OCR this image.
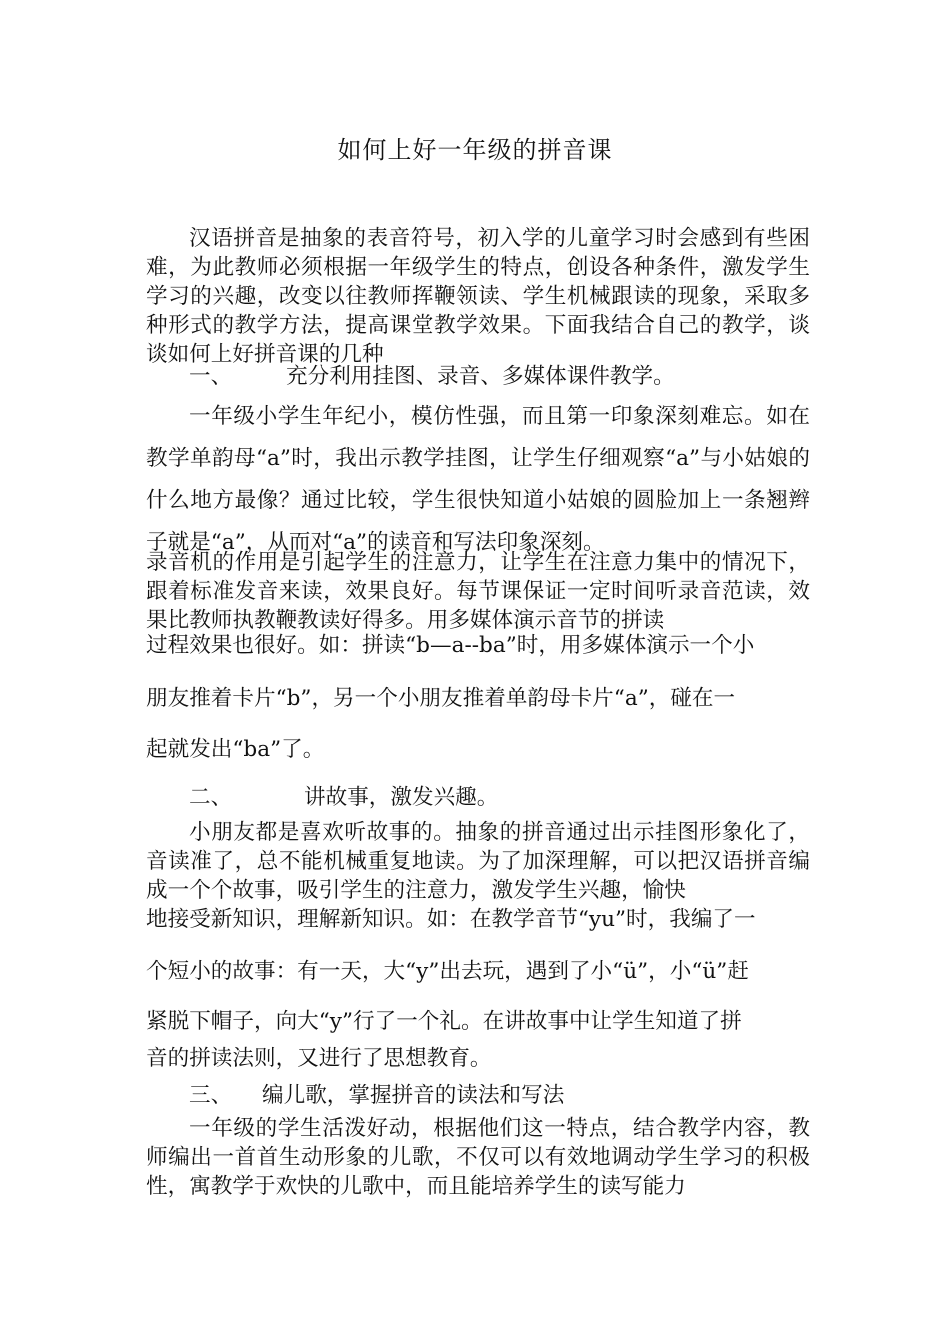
如何上好一年级的拼音课

汉语拼音是抽象的表音符号，初入学的儿童学习时会感到有些困难，为此教师必须根据一年级学生的特点，创设各种条件，激发学生学习的兴趣，改变以往教师挥鞭领读、学生机械跟读的现象，采取多种形式的教学方法，提高课堂教学效果。下面我结合自己的教学，谈谈如何上好拼音课的几种

一、 充分利用挂图、录音、多媒体课件教学。

一年级小学生年纪小，模仿性强，而且第一印象深刻难忘。如在教学单韵母“a”时，我出示教学挂图，让学生仔细观察“a”与小姑娘的什么地方最像？通过比较，学生很快知道小姑娘的圆脸加上一条翘辫子就是“a”，从而对“a”的读音和写法印象深刻。

录音机的作用是引起学生的注意力，让学生在注意力集中的情况下，跟着标准发音来读，效果良好。每节课保证一定时间听录音范读，效果比教师执教鞭教读好得多。用多媒体演示音节的拼读

过程效果也很好。如：拼读“b—a--ba”时，用多媒体演示一个小

朋友推着卡片“b”，另一个小朋友推着单韵母卡片“a”，碰在一

起就发出“ba”了。

二、	讲故事，激发兴趣。

小朋友都是喜欢听故事的。抽象的拼音通过出示挂图形象化了，音读准了，总不能机械重复地读。为了加深理解，可以把汉语拼音编成一个个故事，吸引学生的注意力，激发学生兴趣，愉快

地接受新知识，理解新知识。如：在教学音节“yu”时，我编了一

个短小的故事：有一天，大“y”出去玩，遇到了小“ü”，小“ü”赶

紧脱下帽子，向大“y”行了一个礼。在讲故事中让学生知道了拼

音的拼读法则，又进行了思想教育。

三、 编儿歌，掌握拼音的读法和写法

一年级的学生活泼好动，根据他们这一特点，结合教学内容，教师编出一首首生动形象的儿歌，不仅可以有效地调动学生学习的积极性，寓教学于欢快的儿歌中，而且能培养学生的读写能力
